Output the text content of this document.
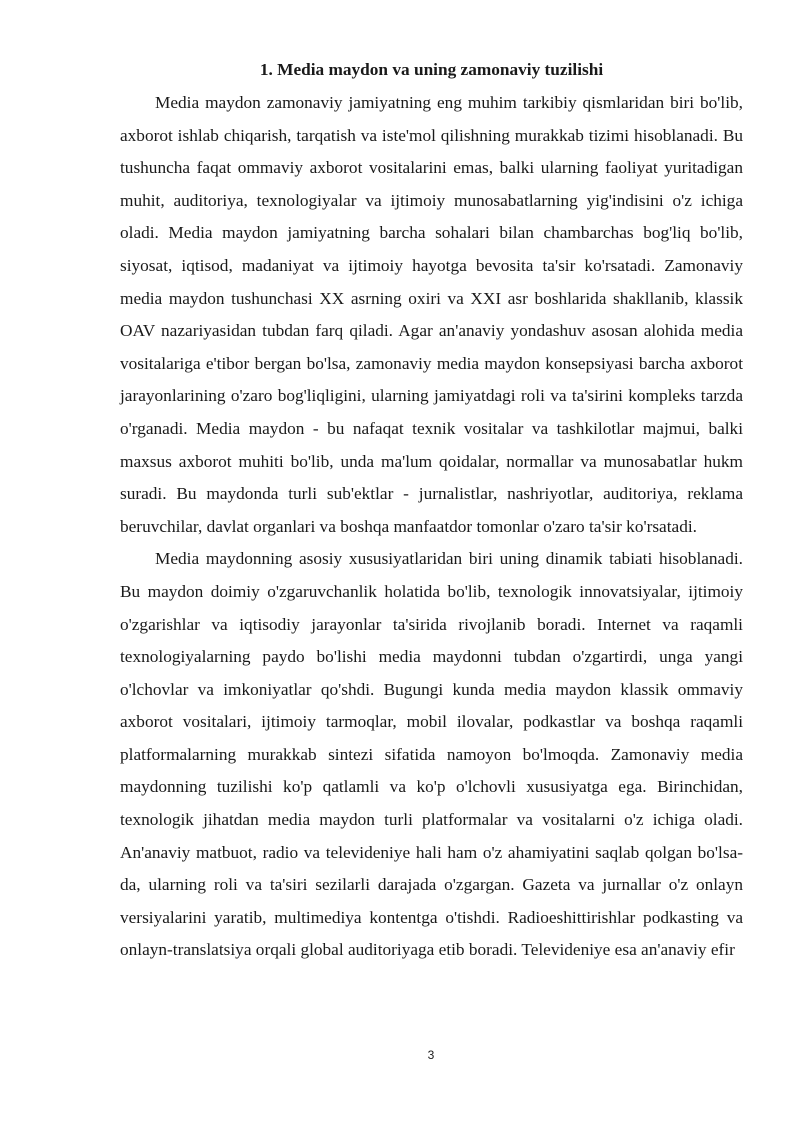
1. Media maydon va uning zamonaviy tuzilishi

Media maydon zamonaviy jamiyatning eng muhim tarkibiy qismlaridan biri bo'lib, axborot ishlab chiqarish, tarqatish va iste'mol qilishning murakkab tizimi hisoblanadi. Bu tushuncha faqat ommaviy axborot vositalarini emas, balki ularning faoliyat yuritadigan muhit, auditoriya, texnologiyalar va ijtimoiy munosabatlarning yig'indisini o'z ichiga oladi. Media maydon jamiyatning barcha sohalari bilan chambarchas bog'liq bo'lib, siyosat, iqtisod, madaniyat va ijtimoiy hayotga bevosita ta'sir ko'rsatadi. Zamonaviy media maydon tushunchasi XX asrning oxiri va XXI asr boshlarida shakllanib, klassik OAV nazariyasidan tubdan farq qiladi. Agar an'anaviy yondashuv asosan alohida media vositalariga e'tibor bergan bo'lsa, zamonaviy media maydon konsepsiyasi barcha axborot jarayonlarining o'zaro bog'liqligini, ularning jamiyatdagi roli va ta'sirini kompleks tarzda o'rganadi. Media maydon - bu nafaqat texnik vositalar va tashkilotlar majmui, balki maxsus axborot muhiti bo'lib, unda ma'lum qoidalar, normallar va munosabatlar hukm suradi. Bu maydonda turli sub'ektlar - jurnalistlar, nashriyotlar, auditoriya, reklama beruvchilar, davlat organlari va boshqa manfaatdor tomonlar o'zaro ta'sir ko'rsatadi.

Media maydonning asosiy xususiyatlaridan biri uning dinamik tabiati hisoblanadi. Bu maydon doimiy o'zgaruvchanlik holatida bo'lib, texnologik innovatsiyalar, ijtimoiy o'zgarishlar va iqtisodiy jarayonlar ta'sirida rivojlanib boradi. Internet va raqamli texnologiyalarning paydo bo'lishi media maydonni tubdan o'zgartirdi, unga yangi o'lchovlar va imkoniyatlar qo'shdi. Bugungi kunda media maydon klassik ommaviy axborot vositalari, ijtimoiy tarmoqlar, mobil ilovalar, podkastlar va boshqa raqamli platformalarning murakkab sintezi sifatida namoyon bo'lmoqda. Zamonaviy media maydonning tuzilishi ko'p qatlamli va ko'p o'lchovli xususiyatga ega. Birinchidan, texnologik jihatdan media maydon turli platformalar va vositalarni o'z ichiga oladi. An'anaviy matbuot, radio va televideniye hali ham o'z ahamiyatini saqlab qolgan bo'lsa-da, ularning roli va ta'siri sezilarli darajada o'zgargan. Gazeta va jurnallar o'z onlayn versiyalarini yaratib, multimediya kontentga o'tishdi. Radioeshittirishlar podkasting va onlayn-translatsiya orqali global auditoriyaga etib boradi. Televideniye esa an'anaviy efir

3
